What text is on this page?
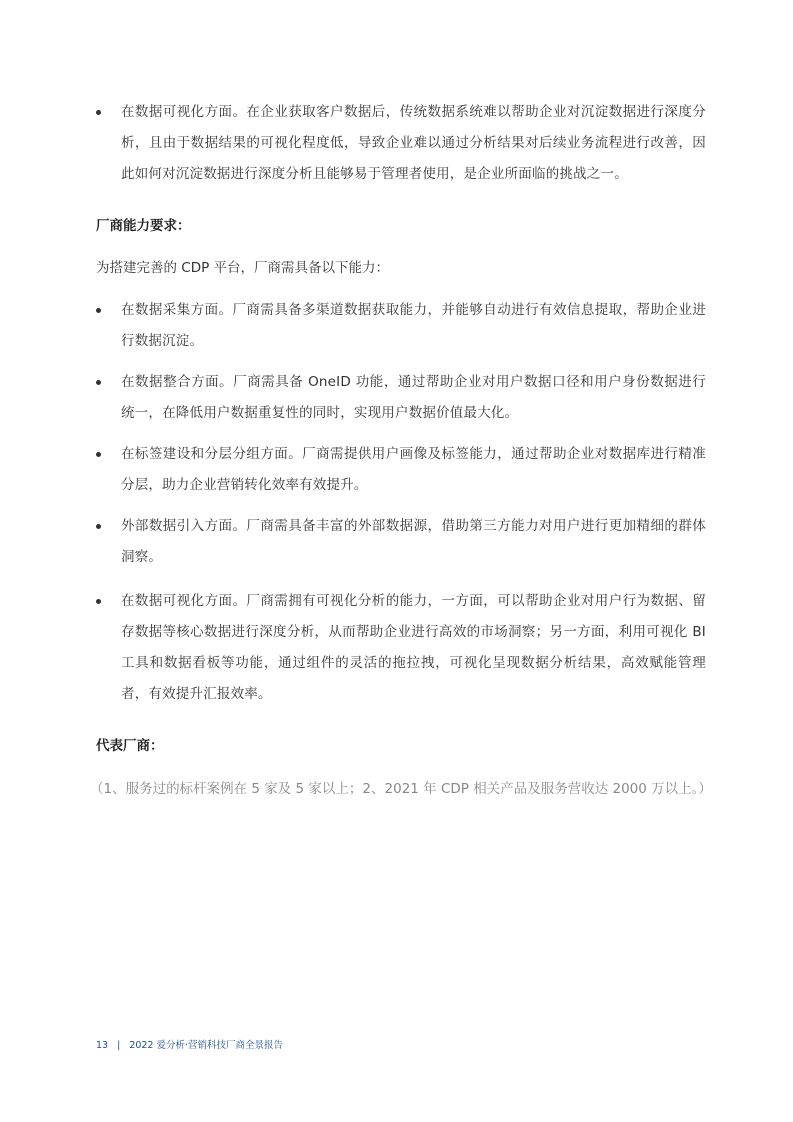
在数据可视化方面。在企业获取客户数据后，传统数据系统难以帮助企业对沉淀数据进行深度分析，且由于数据结果的可视化程度低，导致企业难以通过分析结果对后续业务流程进行改善，因此如何对沉淀数据进行深度分析且能够易于管理者使用，是企业所面临的挑战之一。
厂商能力要求：
为搭建完善的 CDP 平台，厂商需具备以下能力：
在数据采集方面。厂商需具备多渠道数据获取能力，并能够自动进行有效信息提取，帮助企业进行数据沉淀。
在数据整合方面。厂商需具备 OneID 功能，通过帮助企业对用户数据口径和用户身份数据进行统一，在降低用户数据重复性的同时，实现用户数据价值最大化。
在标签建设和分层分组方面。厂商需提供用户画像及标签能力，通过帮助企业对数据库进行精准分层，助力企业营销转化效率有效提升。
外部数据引入方面。厂商需具备丰富的外部数据源，借助第三方能力对用户进行更加精细的群体洞察。
在数据可视化方面。厂商需拥有可视化分析的能力，一方面，可以帮助企业对用户行为数据、留存数据等核心数据进行深度分析，从而帮助企业进行高效的市场洞察；另一方面，利用可视化 BI 工具和数据看板等功能，通过组件的灵活的拖拉拽，可视化呈现数据分析结果，高效赋能管理者，有效提升汇报效率。
代表厂商：
（1、服务过的标杆案例在 5 家及 5 家以上；2、2021 年 CDP 相关产品及服务营收达 2000 万以上。）
13 | 2022 爱分析·营销科技厂商全景报告
